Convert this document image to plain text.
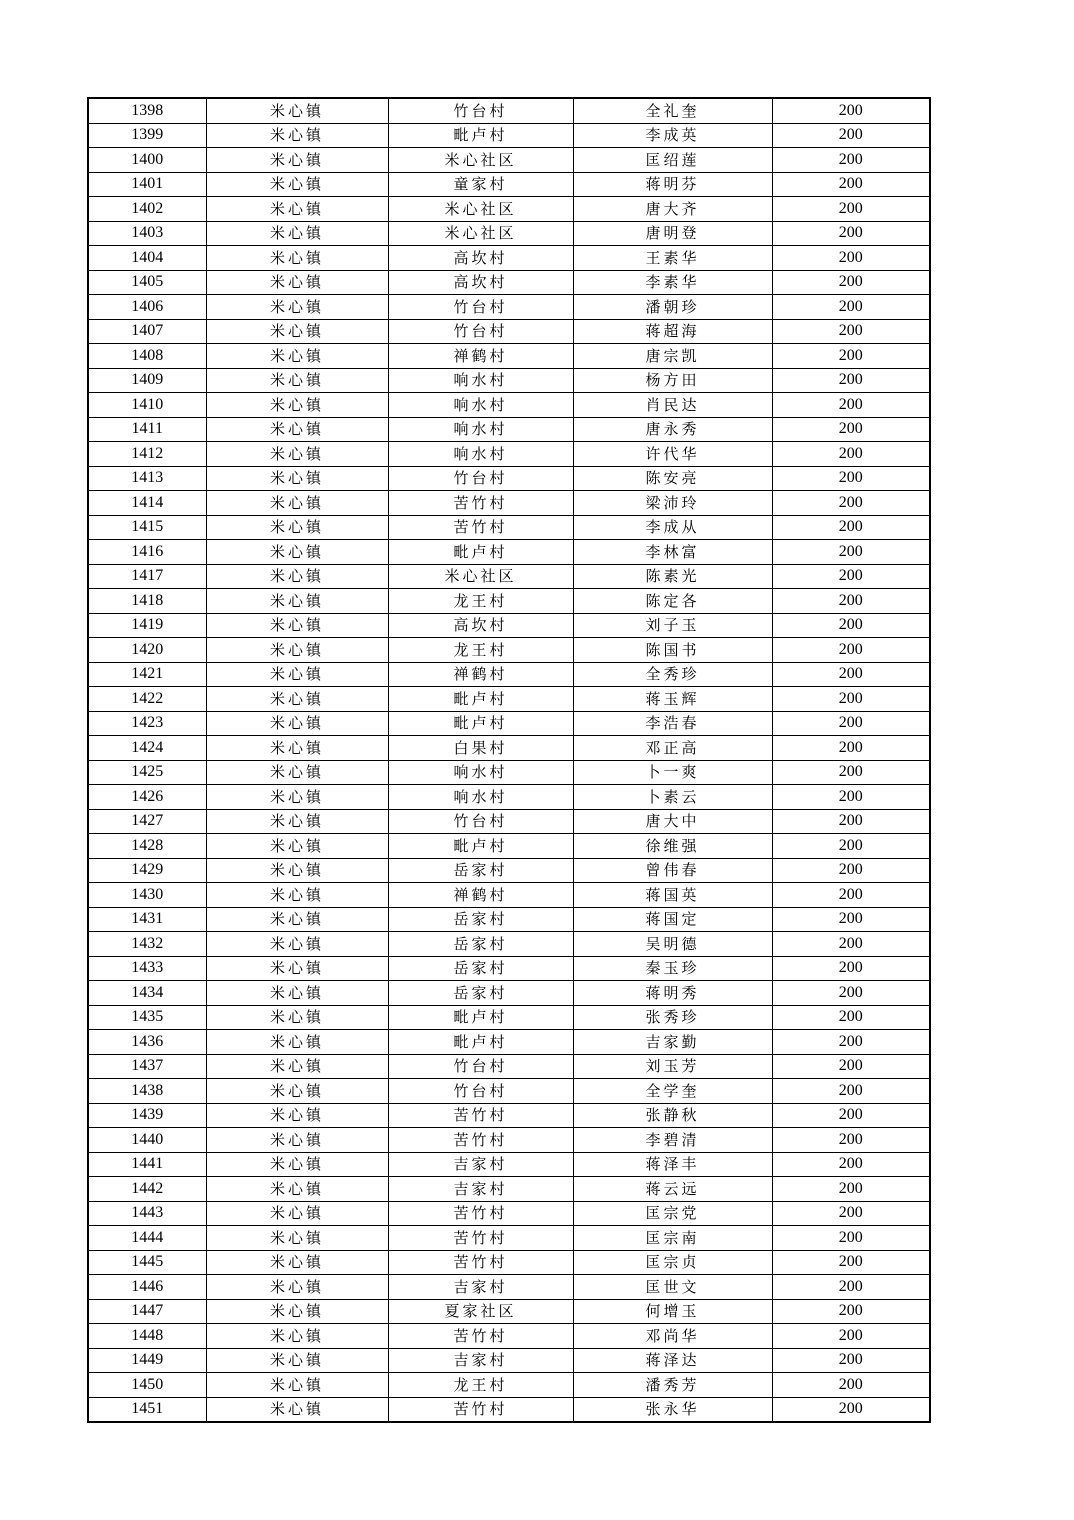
1398	米心镇	竹台村	全礼奎	200
1399	米心镇	毗卢村	李成英	200
1400	米心镇	米心社区	匡绍莲	200
1401	米心镇	童家村	蒋明芬	200
1402	米心镇	米心社区	唐大齐	200
1403	米心镇	米心社区	唐明登	200
1404	米心镇	高坎村	王素华	200
1405	米心镇	高坎村	李素华	200
1406	米心镇	竹台村	潘朝珍	200
1407	米心镇	竹台村	蒋超海	200
1408	米心镇	禅鹤村	唐宗凯	200
1409	米心镇	响水村	杨方田	200
1410	米心镇	响水村	肖民达	200
1411	米心镇	响水村	唐永秀	200
1412	米心镇	响水村	许代华	200
1413	米心镇	竹台村	陈安亮	200
1414	米心镇	苦竹村	梁沛玲	200
1415	米心镇	苦竹村	李成从	200
1416	米心镇	毗卢村	李林富	200
1417	米心镇	米心社区	陈素光	200
1418	米心镇	龙王村	陈定各	200
1419	米心镇	高坎村	刘子玉	200
1420	米心镇	龙王村	陈国书	200
1421	米心镇	禅鹤村	全秀珍	200
1422	米心镇	毗卢村	蒋玉辉	200
1423	米心镇	毗卢村	李浩春	200
1424	米心镇	白果村	邓正高	200
1425	米心镇	响水村	卜一爽	200
1426	米心镇	响水村	卜素云	200
1427	米心镇	竹台村	唐大中	200
1428	米心镇	毗卢村	徐维强	200
1429	米心镇	岳家村	曾伟春	200
1430	米心镇	禅鹤村	蒋国英	200
1431	米心镇	岳家村	蒋国定	200
1432	米心镇	岳家村	吴明德	200
1433	米心镇	岳家村	秦玉珍	200
1434	米心镇	岳家村	蒋明秀	200
1435	米心镇	毗卢村	张秀珍	200
1436	米心镇	毗卢村	吉家勤	200
1437	米心镇	竹台村	刘玉芳	200
1438	米心镇	竹台村	全学奎	200
1439	米心镇	苦竹村	张静秋	200
1440	米心镇	苦竹村	李碧清	200
1441	米心镇	吉家村	蒋泽丰	200
1442	米心镇	吉家村	蒋云远	200
1443	米心镇	苦竹村	匡宗党	200
1444	米心镇	苦竹村	匡宗南	200
1445	米心镇	苦竹村	匡宗贞	200
1446	米心镇	吉家村	匡世文	200
1447	米心镇	夏家社区	何增玉	200
1448	米心镇	苦竹村	邓尚华	200
1449	米心镇	吉家村	蒋泽达	200
1450	米心镇	龙王村	潘秀芳	200
1451	米心镇	苦竹村	张永华	200
